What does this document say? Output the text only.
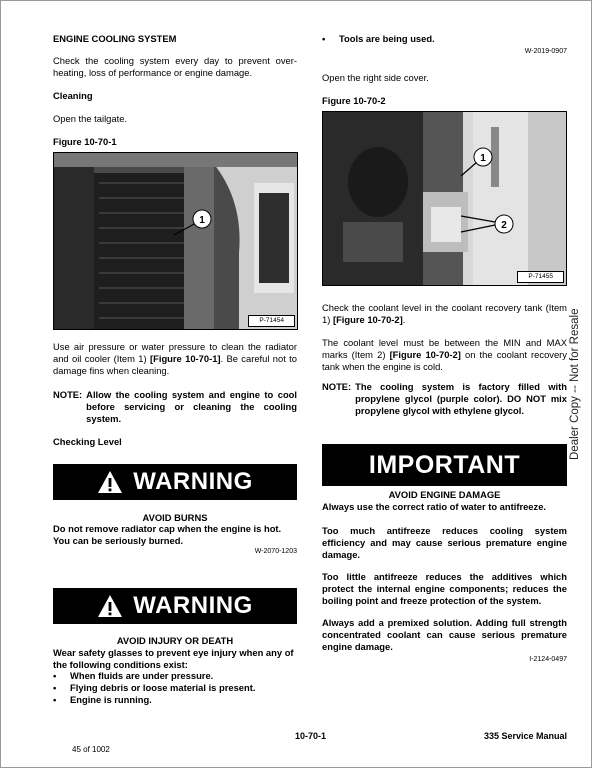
ENGINE COOLING SYSTEM
Check the cooling system every day to prevent over-heating, loss of performance or engine damage.
Cleaning
Open the tailgate.
Figure 10-70-1
1
P-71454
Use air pressure or water pressure to clean the radiator and oil cooler (Item 1) [Figure 10-70-1]. Be careful not to damage fins when cleaning.
NOTE: Allow the cooling system and engine to cool before servicing or cleaning the cooling system.
Checking Level
WARNING
AVOID BURNS
Do not remove radiator cap when the engine is hot. You can be seriously burned.
W-2070-1203
WARNING
AVOID INJURY OR DEATH
Wear safety glasses to prevent eye injury when any of the following conditions exist:
• When fluids are under pressure.
• Flying debris or loose material is present.
• Engine is running.
• Tools are being used.
W-2019-0907
Open the right side cover.
Figure 10-70-2
1
2
P-71455
Check the coolant level in the coolant recovery tank (Item 1) [Figure 10-70-2].
The coolant level must be between the MIN and MAX marks (Item 2) [Figure 10-70-2] on the coolant recovery tank when the engine is cold.
NOTE: The cooling system is factory filled with propylene glycol (purple color). DO NOT mix propylene glycol with ethylene glycol.
IMPORTANT
AVOID ENGINE DAMAGE
Always use the correct ratio of water to antifreeze.
Too much antifreeze reduces cooling system efficiency and may cause serious premature engine damage.
Too little antifreeze reduces the additives which protect the internal engine components; reduces the boiling point and freeze protection of the system.
Always add a premixed solution. Adding full strength concentrated coolant can cause serious premature engine damage.
I-2124-0497
Dealer Copy -- Not for Resale
10-70-1	335 Service Manual
45 of 1002
